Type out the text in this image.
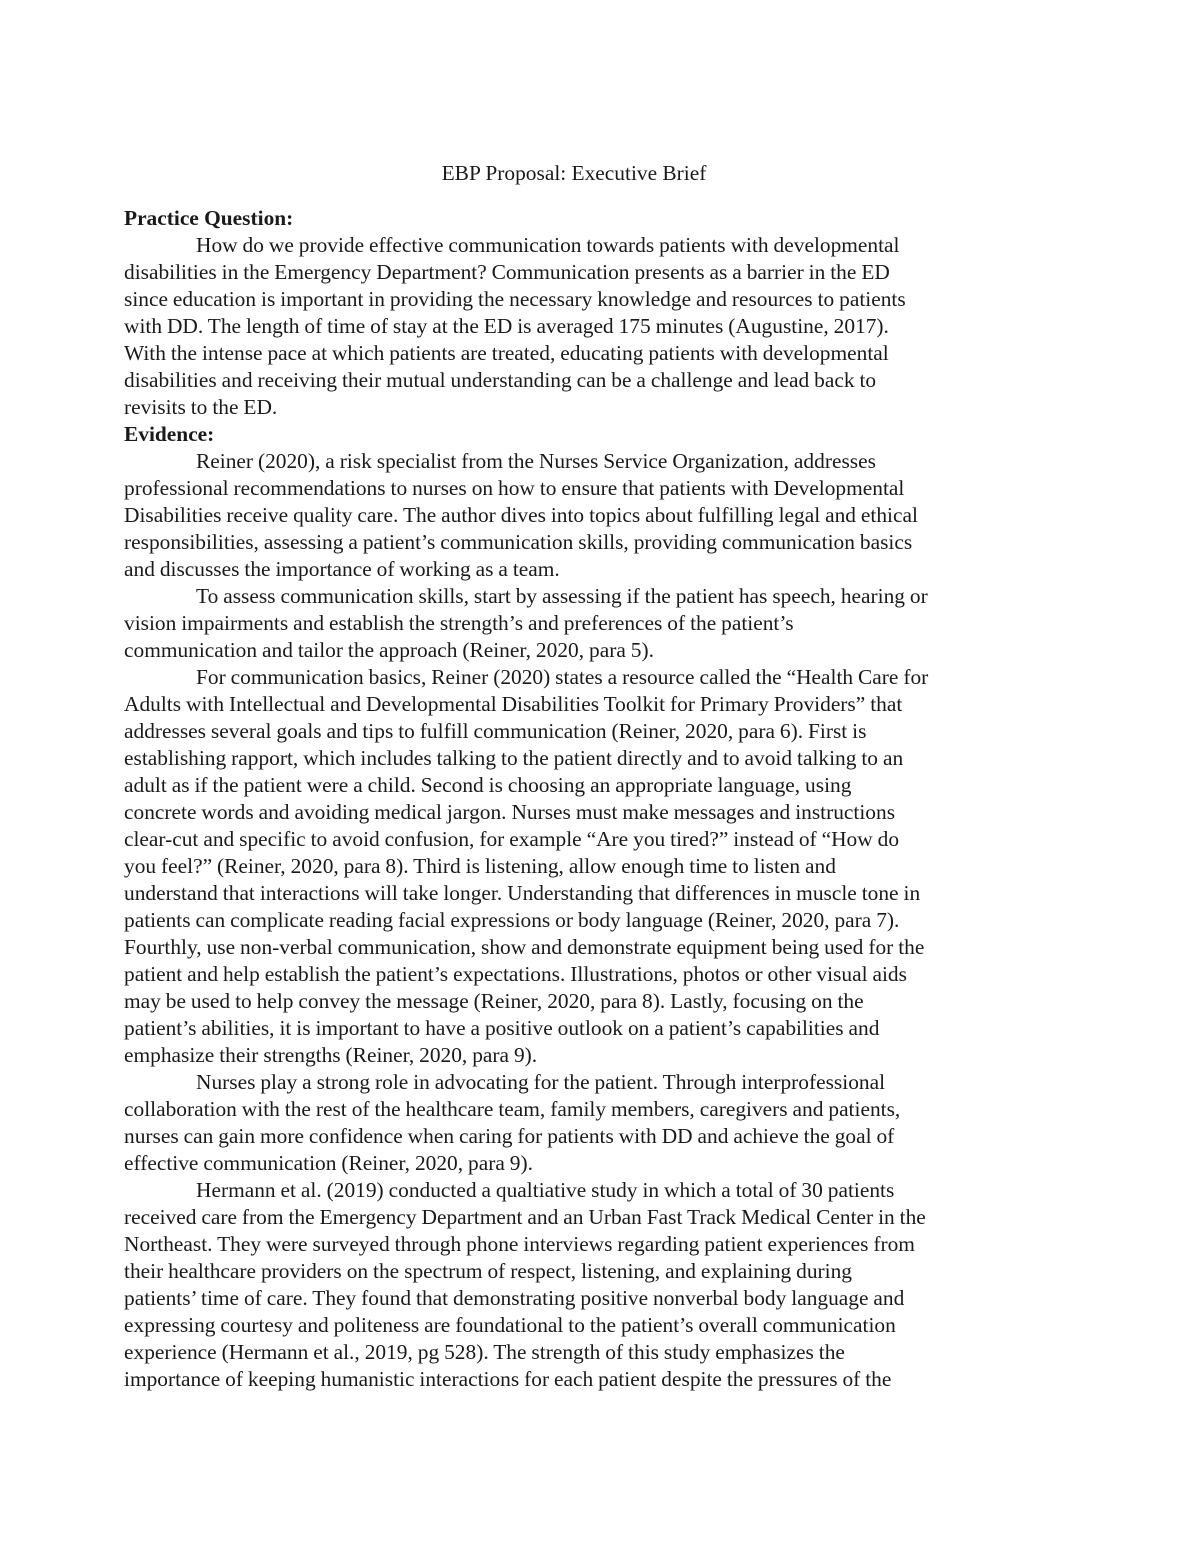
EBP Proposal: Executive Brief
Practice Question:
How do we provide effective communication towards patients with developmental
disabilities in the Emergency Department? Communication presents as a barrier in the ED
since education is important in providing the necessary knowledge and resources to patients
with DD. The length of time of stay at the ED is averaged 175 minutes (Augustine, 2017).
With the intense pace at which patients are treated, educating patients with developmental
disabilities and receiving their mutual understanding can be a challenge and lead back to
revisits to the ED.
Evidence:
Reiner (2020), a risk specialist from the Nurses Service Organization, addresses
professional recommendations to nurses on how to ensure that patients with Developmental
Disabilities receive quality care. The author dives into topics about fulfilling legal and ethical
responsibilities, assessing a patient’s communication skills, providing communication basics
and discusses the importance of working as a team.
To assess communication skills, start by assessing if the patient has speech, hearing or
vision impairments and establish the strength’s and preferences of the patient’s
communication and tailor the approach (Reiner, 2020, para 5).
For communication basics, Reiner (2020) states a resource called the “Health Care for
Adults with Intellectual and Developmental Disabilities Toolkit for Primary Providers” that
addresses several goals and tips to fulfill communication (Reiner, 2020, para 6). First is
establishing rapport, which includes talking to the patient directly and to avoid talking to an
adult as if the patient were a child. Second is choosing an appropriate language, using
concrete words and avoiding medical jargon. Nurses must make messages and instructions
clear-cut and specific to avoid confusion, for example “Are you tired?” instead of “How do
you feel?” (Reiner, 2020, para 8). Third is listening, allow enough time to listen and
understand that interactions will take longer. Understanding that differences in muscle tone in
patients can complicate reading facial expressions or body language (Reiner, 2020, para 7).
Fourthly, use non-verbal communication, show and demonstrate equipment being used for the
patient and help establish the patient’s expectations. Illustrations, photos or other visual aids
may be used to help convey the message (Reiner, 2020, para 8). Lastly, focusing on the
patient’s abilities, it is important to have a positive outlook on a patient’s capabilities and
emphasize their strengths (Reiner, 2020, para 9).
Nurses play a strong role in advocating for the patient. Through interprofessional
collaboration with the rest of the healthcare team, family members, caregivers and patients,
nurses can gain more confidence when caring for patients with DD and achieve the goal of
effective communication (Reiner, 2020, para 9).
Hermann et al. (2019) conducted a qualtiative study in which a total of 30 patients
received care from the Emergency Department and an Urban Fast Track Medical Center in the
Northeast. They were surveyed through phone interviews regarding patient experiences from
their healthcare providers on the spectrum of respect, listening, and explaining during
patients’ time of care. They found that demonstrating positive nonverbal body language and
expressing courtesy and politeness are foundational to the patient’s overall communication
experience (Hermann et al., 2019, pg 528). The strength of this study emphasizes the
importance of keeping humanistic interactions for each patient despite the pressures of the
